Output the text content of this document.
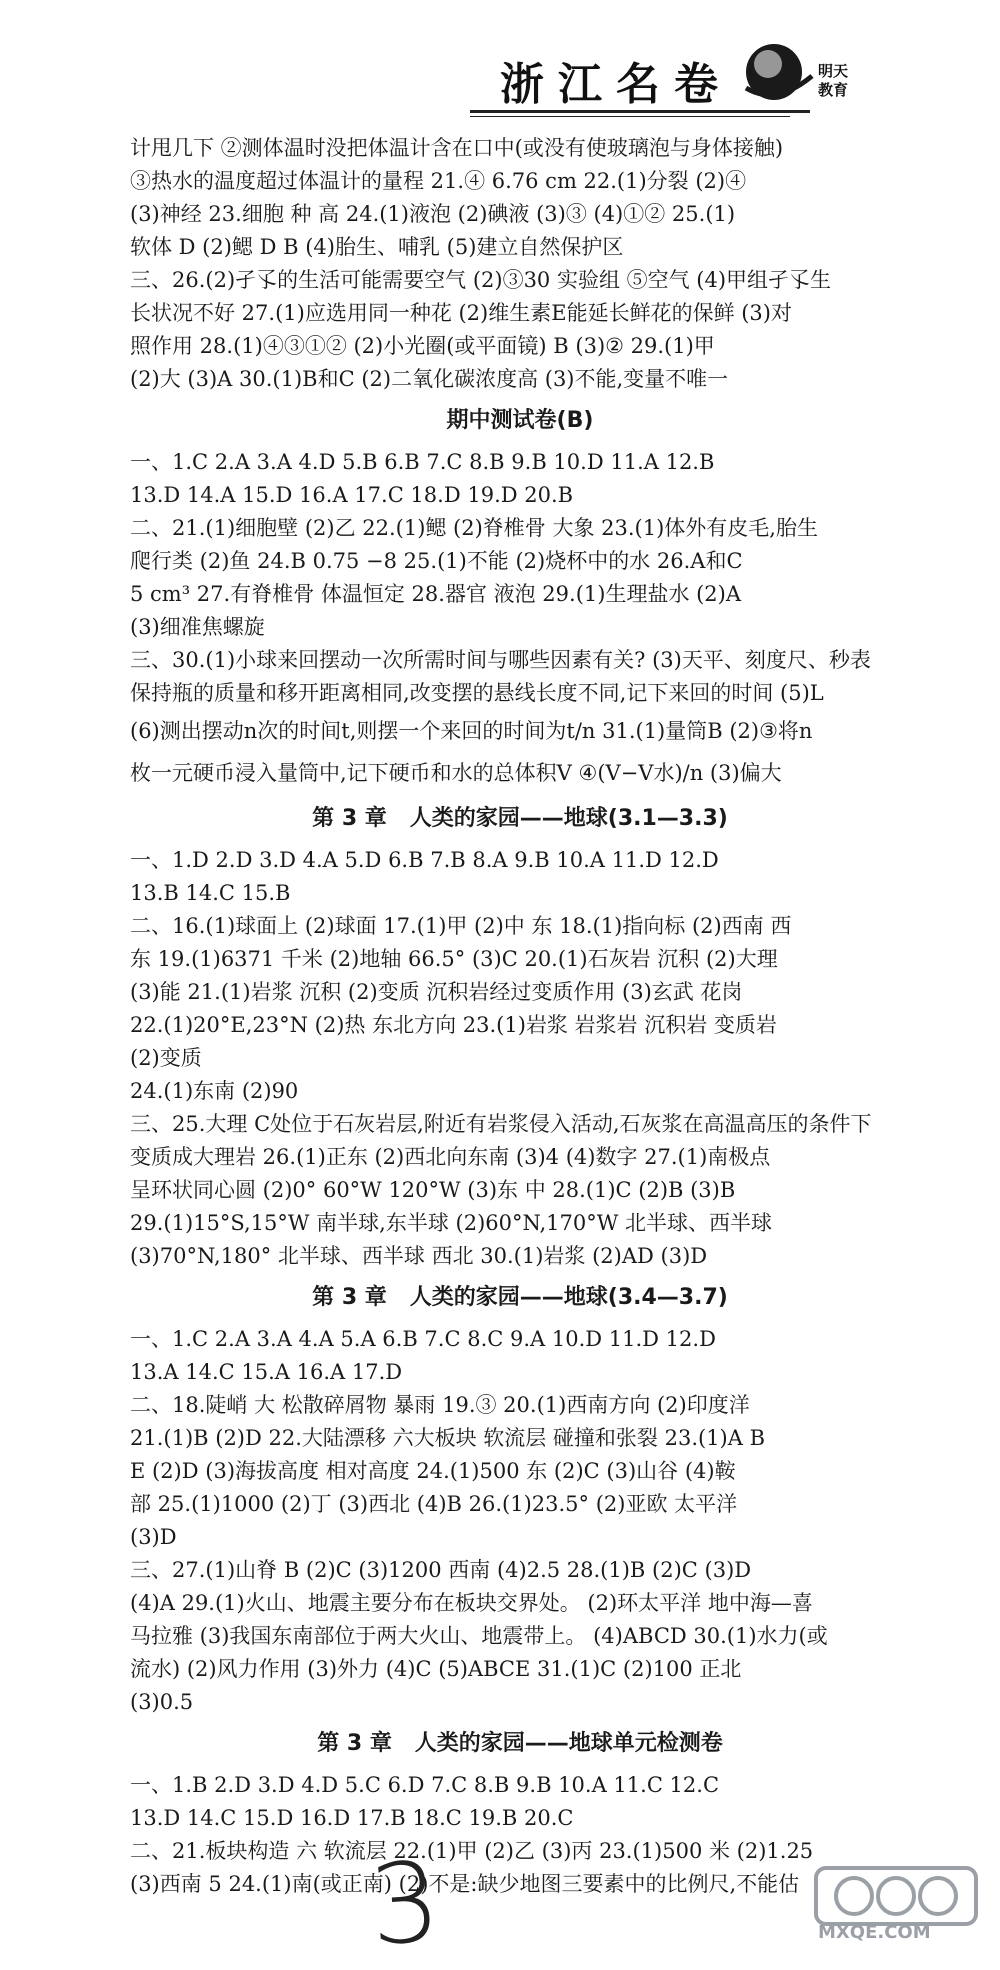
浙江名卷	明天
教育
计甩几下 ②测体温时没把体温计含在口中(或没有使玻璃泡与身体接触)
③热水的温度超过体温计的量程 21.④ 6.76 cm 22.(1)分裂 (2)④
(3)神经 23.细胞 种 高 24.(1)液泡 (2)碘液 (3)③ (4)①② 25.(1)
软体 D (2)鳃 D B (4)胎生、哺乳 (5)建立自然保护区
三、26.(2)孑孓的生活可能需要空气 (2)③30 实验组 ⑤空气 (4)甲组孑孓生
长状况不好 27.(1)应选用同一种花 (2)维生素E能延长鲜花的保鲜 (3)对
照作用 28.(1)④③①② (2)小光圈(或平面镜) B (3)② 29.(1)甲
(2)大 (3)A 30.(1)B和C (2)二氧化碳浓度高 (3)不能,变量不唯一
期中测试卷(B)
一、1.C 2.A 3.A 4.D 5.B 6.B 7.C 8.B 9.B 10.D 11.A 12.B
13.D 14.A 15.D 16.A 17.C 18.D 19.D 20.B
二、21.(1)细胞壁 (2)乙 22.(1)鳃 (2)脊椎骨 大象 23.(1)体外有皮毛,胎生
爬行类 (2)鱼 24.B 0.75 −8 25.(1)不能 (2)烧杯中的水 26.A和C
5 cm³ 27.有脊椎骨 体温恒定 28.器官 液泡 29.(1)生理盐水 (2)A
(3)细准焦螺旋
三、30.(1)小球来回摆动一次所需时间与哪些因素有关? (3)天平、刻度尺、秒表
保持瓶的质量和移开距离相同,改变摆的悬线长度不同,记下来回的时间 (5)L
(6)测出摆动n次的时间t,则摆一个来回的时间为t/n 31.(1)量筒B (2)③将n
枚一元硬币浸入量筒中,记下硬币和水的总体积V ④(V−V水)/n (3)偏大
第 3 章   人类的家园——地球(3.1—3.3)
一、1.D 2.D 3.D 4.A 5.D 6.B 7.B 8.A 9.B 10.A 11.D 12.D
13.B 14.C 15.B
二、16.(1)球面上 (2)球面 17.(1)甲 (2)中 东 18.(1)指向标 (2)西南 西
东 19.(1)6371 千米 (2)地轴 66.5° (3)C 20.(1)石灰岩 沉积 (2)大理
(3)能 21.(1)岩浆 沉积 (2)变质 沉积岩经过变质作用 (3)玄武 花岗
22.(1)20°E,23°N (2)热 东北方向 23.(1)岩浆 岩浆岩 沉积岩 变质岩
(2)变质
24.(1)东南 (2)90
三、25.大理 C处位于石灰岩层,附近有岩浆侵入活动,石灰浆在高温高压的条件下
变质成大理岩 26.(1)正东 (2)西北向东南 (3)4 (4)数字 27.(1)南极点
呈环状同心圆 (2)0° 60°W 120°W (3)东 中 28.(1)C (2)B (3)B
29.(1)15°S,15°W 南半球,东半球 (2)60°N,170°W 北半球、西半球
(3)70°N,180° 北半球、西半球 西北 30.(1)岩浆 (2)AD (3)D
第 3 章   人类的家园——地球(3.4—3.7)
一、1.C 2.A 3.A 4.A 5.A 6.B 7.C 8.C 9.A 10.D 11.D 12.D
13.A 14.C 15.A 16.A 17.D
二、18.陡峭 大 松散碎屑物 暴雨 19.③ 20.(1)西南方向 (2)印度洋
21.(1)B (2)D 22.大陆漂移 六大板块 软流层 碰撞和张裂 23.(1)A B
E (2)D (3)海拔高度 相对高度 24.(1)500 东 (2)C (3)山谷 (4)鞍
部 25.(1)1000 (2)丁 (3)西北 (4)B 26.(1)23.5° (2)亚欧 太平洋
(3)D
三、27.(1)山脊 B (2)C (3)1200 西南 (4)2.5 28.(1)B (2)C (3)D
(4)A 29.(1)火山、地震主要分布在板块交界处。 (2)环太平洋 地中海—喜
马拉雅 (3)我国东南部位于两大火山、地震带上。 (4)ABCD 30.(1)水力(或
流水) (2)风力作用 (3)外力 (4)C (5)ABCE 31.(1)C (2)100 正北
(3)0.5
第 3 章   人类的家园——地球单元检测卷
一、1.B 2.D 3.D 4.D 5.C 6.D 7.C 8.B 9.B 10.A 11.C 12.C
13.D 14.C 15.D 16.D 17.B 18.C 19.B 20.C
二、21.板块构造 六 软流层 22.(1)甲 (2)乙 (3)丙 23.(1)500 米 (2)1.25
(3)西南 5 24.(1)南(或正南) (2)不是:缺少地图三要素中的比例尺,不能估
3	MXQE.COM
